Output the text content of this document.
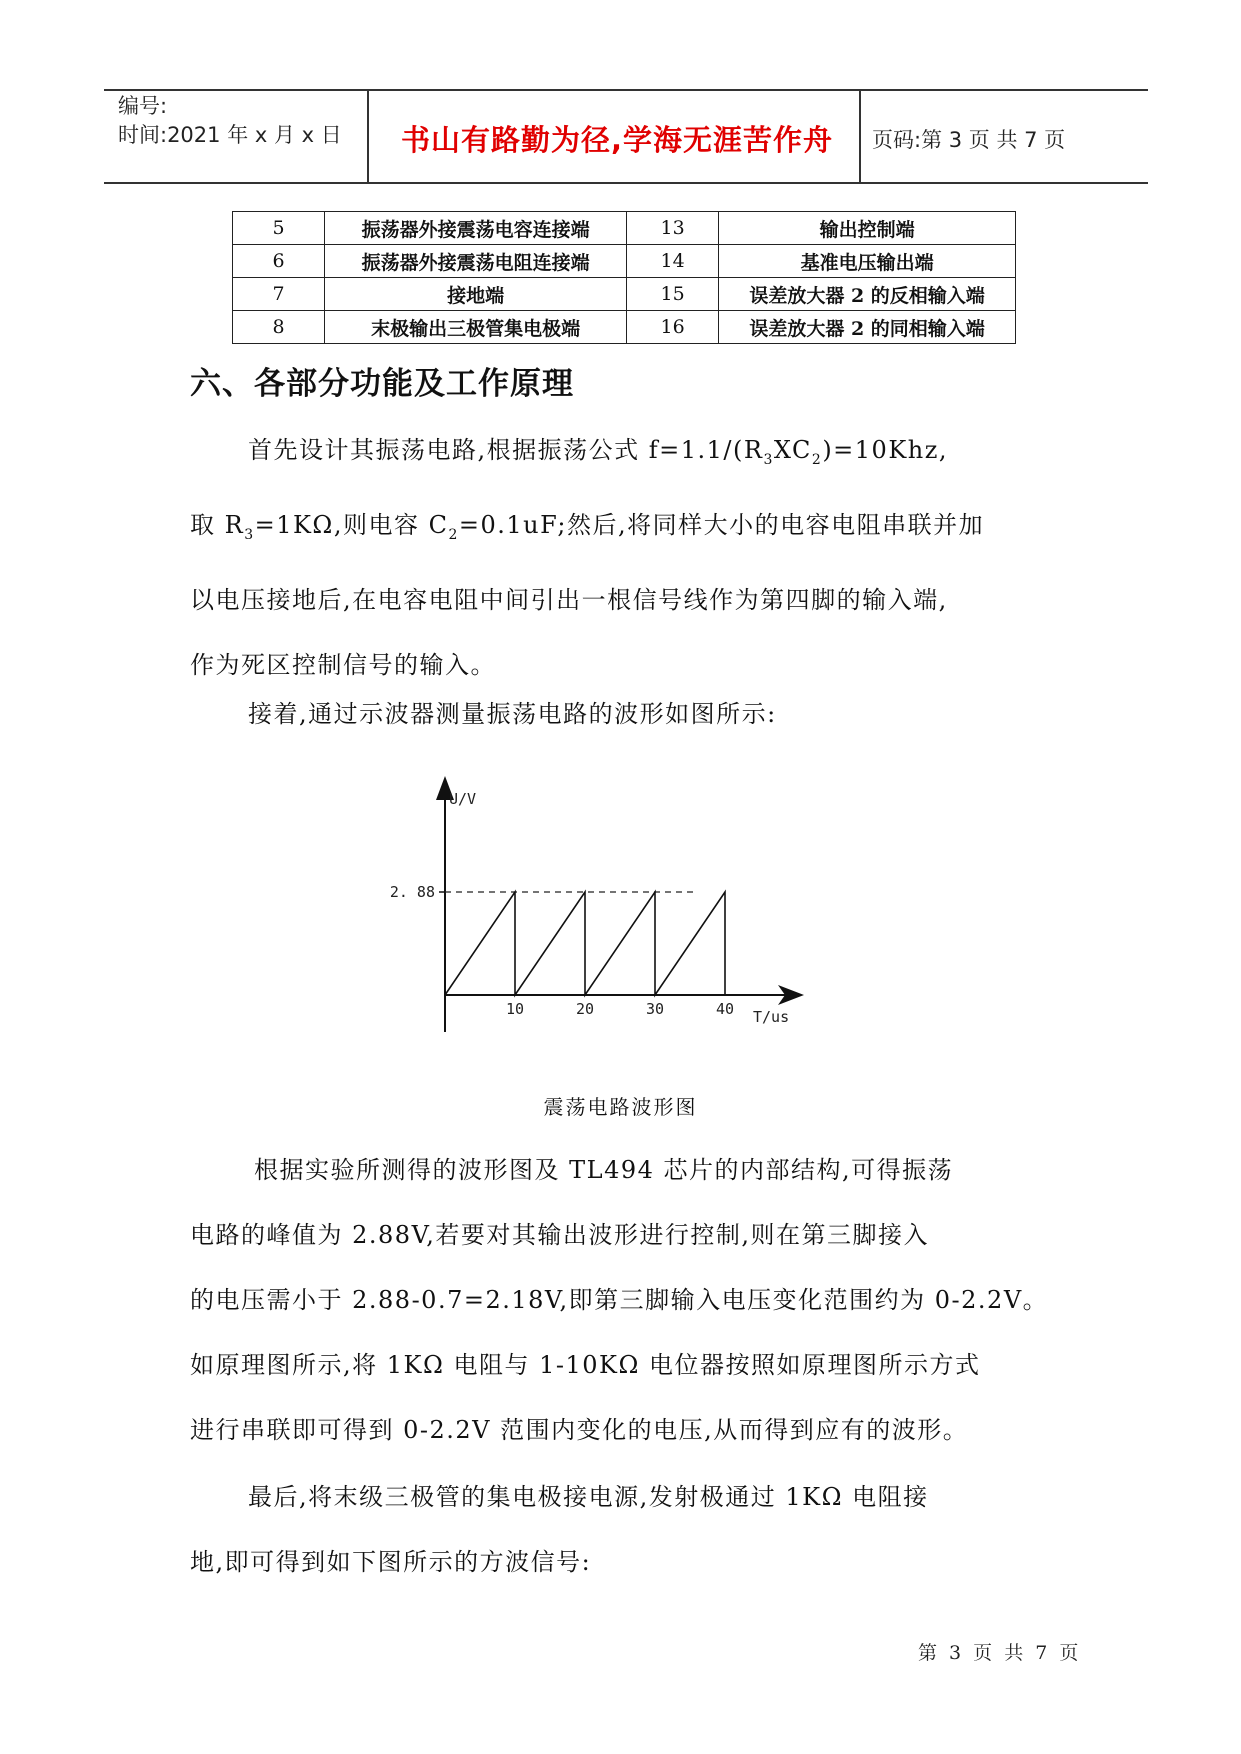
编号:
时间:2021 年 x 月 x 日	书山有路勤为径,学海无涯苦作舟	页码:第 3 页 共 7 页
5	振荡器外接震荡电容连接端	13	输出控制端
6	振荡器外接震荡电阻连接端	14	基准电压输出端
7	接地端	15	误差放大器 2 的反相输入端
8	末极输出三极管集电极端	16	误差放大器 2 的同相输入端
六、各部分功能及工作原理
首先设计其振荡电路,根据振荡公式 $f=1.1/(R_3XC_2)=10Khz$,
取 $R_3=1K\Omega$,则电容 $C_2=0.1uF$;然后,将同样大小的电容电阻串联并加
以电压接地后,在电容电阻中间引出一根信号线作为第四脚的输入端,
作为死区控制信号的输入。
接着,通过示波器测量振荡电路的波形如图所示:
U/V
T/us
2. 88
10	20	30	40
震荡电路波形图
根据实验所测得的波形图及 TL494 芯片的内部结构,可得振荡
电路的峰值为 2.88V,若要对其输出波形进行控制,则在第三脚接入
的电压需小于 2.88-0.7=2.18V,即第三脚输入电压变化范围约为 0-2.2V。
如原理图所示,将 1KΩ 电阻与 1-10KΩ 电位器按照如原理图所示方式
进行串联即可得到 0-2.2V 范围内变化的电压,从而得到应有的波形。
最后,将末级三极管的集电极接电源,发射极通过 1KΩ 电阻接
地,即可得到如下图所示的方波信号:
第 3 页 共 7 页
